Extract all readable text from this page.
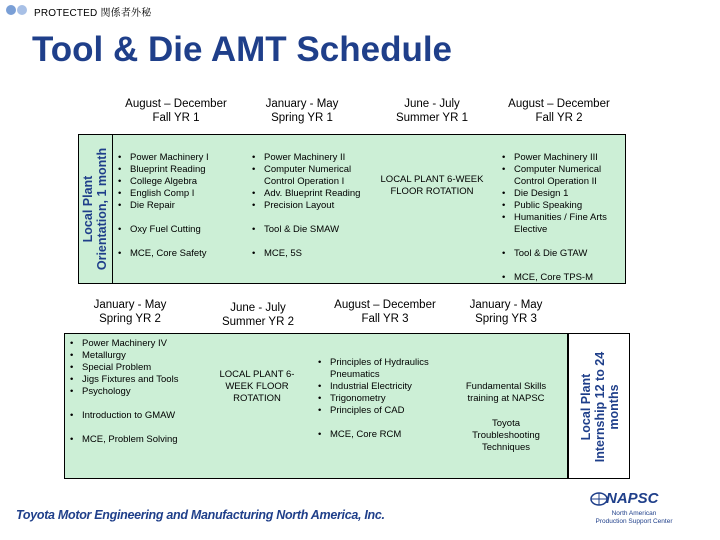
PROTECTED 関係者外秘
Tool & Die AMT Schedule
August – December
Fall YR 1
January - May
Spring YR 1
June - July
Summer YR 1
August – December
Fall YR 2
Local Plant Orientation, 1 month
•	Power Machinery I
• Blueprint Reading
• College Algebra
• English Comp I
• Die Repair
• Oxy Fuel Cutting
• MCE, Core Safety
• Power Machinery II
• Computer Numerical Control Operation I
• Adv. Blueprint Reading
• Precision Layout
• Tool & Die SMAW
• MCE, 5S
LOCAL PLANT 6-WEEK
FLOOR ROTATION
• Power Machinery III
• Computer Numerical Control Operation II
• Die Design 1
• Public Speaking
• Humanities / Fine Arts Elective
• Tool & Die GTAW
• MCE, Core TPS-M
January - May
Spring YR 2
June - July
Summer YR 2
August – December
Fall YR 3
January - May
Spring YR 3
Local Plant Internship 12 to 24 months
• Power Machinery IV
• Metallurgy
• Special Problem
• Jigs Fixtures and Tools
• Psychology
• Introduction to GMAW
• MCE, Problem Solving
LOCAL PLANT 6-
WEEK FLOOR
ROTATION
• Principles of Hydraulics Pneumatics
• Industrial Electricity
• Trigonometry
• Principles of CAD
• MCE, Core RCM
Fundamental Skills
training at NAPSC
Toyota
Troubleshooting
Techniques
Toyota Motor Engineering and Manufacturing North America, Inc.
NAPSC
North American
Production Support Center
